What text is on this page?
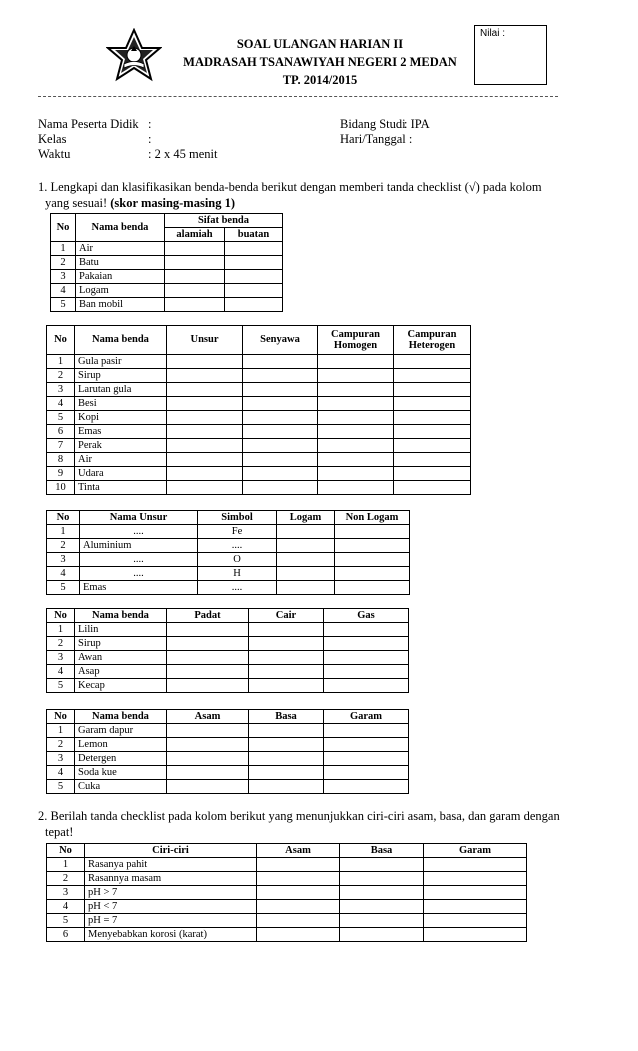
SOAL ULANGAN HARIAN II
MADRASAH TSANAWIYAH NEGERI 2 MEDAN
TP. 2014/2015
Nilai :
Nama Peserta Didik :
Kelas	:
Waktu	: 2 x 45 menit
Bidang Studi
: IPA
Hari/Tanggal :
1. Lengkapi dan klasifikasikan benda-benda berikut dengan memberi tanda checklist (√) pada kolom
yang sesuai! (skor masing-masing 1)
No	Nama benda	Sifat benda	
		alamiah	buatan
1	Air		
2	Batu		
3	Pakaian		
4	Logam		
5	Ban mobil		
No	Nama benda	Unsur	Senyawa	Campuran Homogen	Campuran Heterogen
1	Gula pasir				
2	Sirup				
3	Larutan gula				
4	Besi				
5	Kopi				
6	Emas				
7	Perak				
8	Air				
9	Udara				
10	Tinta				
No	Nama Unsur	Simbol	Logam	Non Logam
1	....	Fe		
2	Aluminium	....		
3	....	O		
4	....	H		
5	Emas	....		
No	Nama benda	Padat	Cair	Gas
1	Lilin			
2	Sirup			
3	Awan			
4	Asap			
5	Kecap			
No	Nama benda	Asam	Basa	Garam
1	Garam dapur			
2	Lemon			
3	Detergen			
4	Soda kue			
5	Cuka			
2. Berilah tanda checklist pada kolom berikut yang menunjukkan ciri-ciri asam, basa, dan garam dengan
tepat!
No	Ciri-ciri	Asam	Basa	Garam
1	Rasanya pahit			
2	Rasannya masam			
3	pH > 7			
4	pH < 7			
5	pH = 7			
6	Menyebabkan korosi (karat)			
